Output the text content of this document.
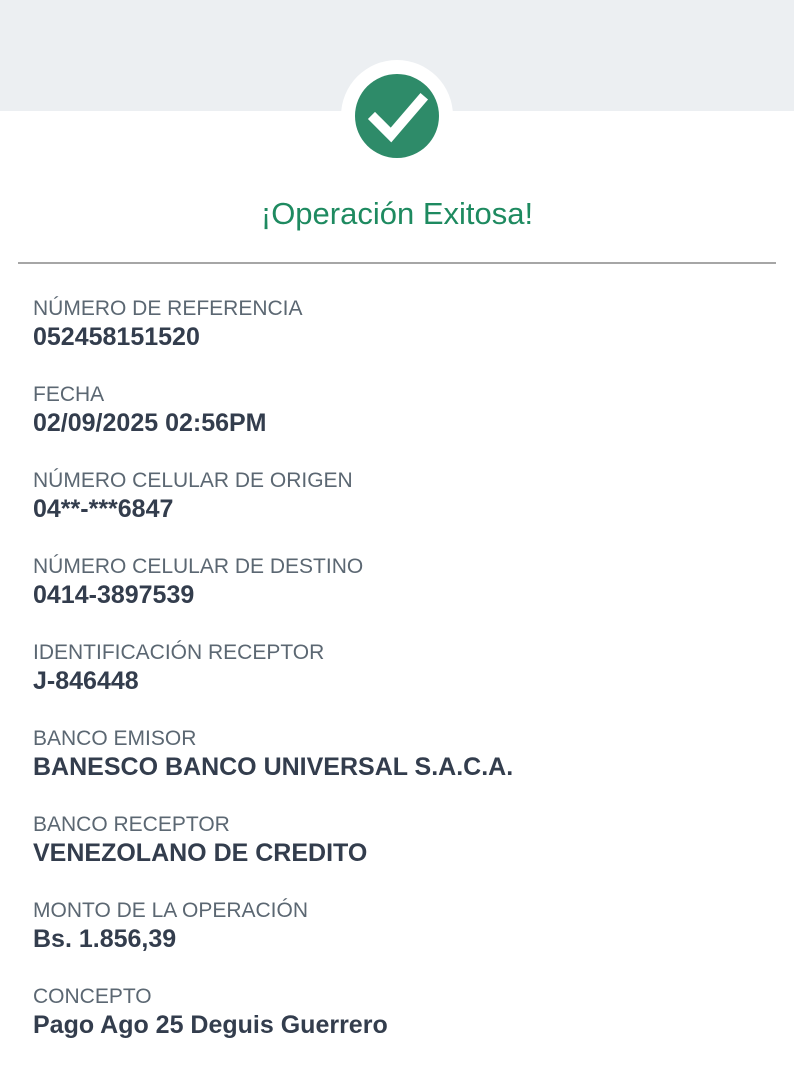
¡Operación Exitosa!
NÚMERO DE REFERENCIA
052458151520
FECHA
02/09/2025 02:56PM
NÚMERO CELULAR DE ORIGEN
04**-***6847
NÚMERO CELULAR DE DESTINO
0414-3897539
IDENTIFICACIÓN RECEPTOR
J-846448
BANCO EMISOR
BANESCO BANCO UNIVERSAL S.A.C.A.
BANCO RECEPTOR
VENEZOLANO DE CREDITO
MONTO DE LA OPERACIÓN
Bs. 1.856,39
CONCEPTO
Pago Ago 25 Deguis Guerrero
